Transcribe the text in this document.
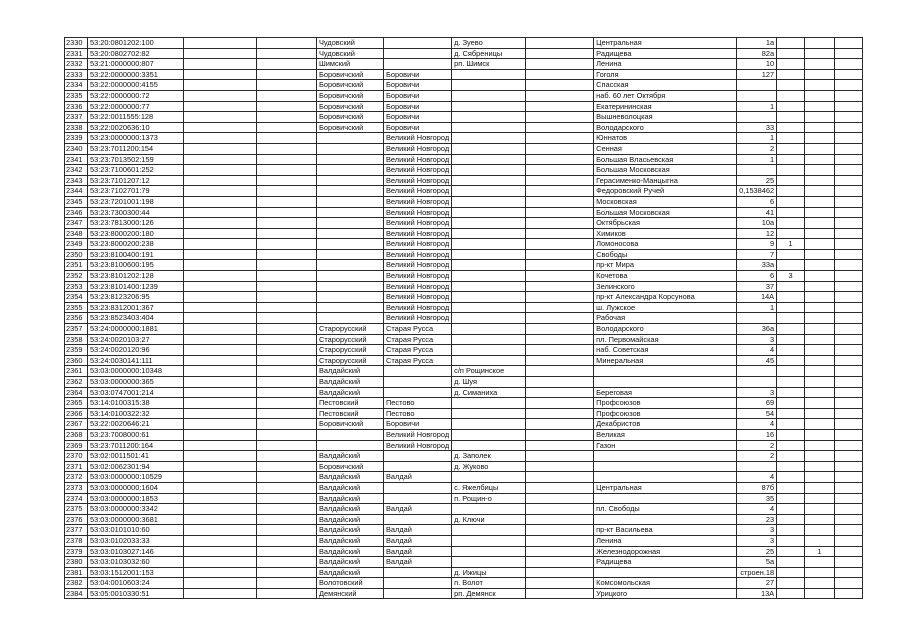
2330	53:20:0801202:100			Чудовский		д. Зуево		Центральная	1а			
2331	53:20:0802702:82			Чудовский		д. Сябреницы		Радищева	82а			
2332	53:21:0000000:807			Шимский		рп. Шимск		Ленина	10			
2333	53:22:0000000:3351			Боровичский	Боровичи			Гоголя	127			
2334	53:22:0000000:4155			Боровичский	Боровичи			Спасская				
2335	53:22:0000000:72			Боровичский	Боровичи			наб. 60 лет Октября				
2336	53:22:0000000:77			Боровичский	Боровичи			Екатерининская	1			
2337	53:22:0011555:128			Боровичский	Боровичи			Вышневолоцкая				
2338	53:22:0020636:10			Боровичский	Боровичи			Володарского	33			
2339	53:23:0000000:1373				Великий Новгород			Юннатов	1			
2340	53:23:7011200:154				Великий Новгород			Сенная	2			
2341	53:23:7013502:159				Великий Новгород			Большая Власьевская	1			
2342	53:23:7100601:252				Великий Новгород			Большая Московская				
2343	53:23:7101207:12				Великий Новгород			Герасименко-Манцыгна	25			
2344	53:23:7102701:79				Великий Новгород			Федоровский Ручей	0,1538462			
2345	53:23:7201001:198				Великий Новгород			Московская	6			
2346	53:23:7300300:44				Великий Новгород			Большая Московская	41			
2347	53:23:7813000:126				Великий Новгород			Октябрьская	10а			
2348	53:23:8000200:180				Великий Новгород			Химиков	12			
2349	53:23:8000200:238				Великий Новгород			Ломоносова	9	1		
2350	53:23:8100400:191				Великий Новгород			Свободы	7			
2351	53:23:8100600:195				Великий Новгород			пр-кт Мира	33а			
2352	53:23:8101202:128				Великий Новгород			Кочетова	6	3		
2353	53:23:8101400:1239				Великий Новгород			Зелинского	37			
2354	53:23:8123206:95				Великий Новгород			пр-кт Александра Корсунова	14А			
2355	53:23:8312001:367				Великий Новгород			ш. Лужское	1			
2356	53:23:8523403:404				Великий Новгород			Рабочая				
2357	53:24:0000000:1881			Старорусский	Старая Русса			Володарского	36а			
2358	53:24:0020103:27			Старорусский	Старая Русса			пл. Первомайская	3			
2359	53:24:0020120:96			Старорусский	Старая Русса			наб. Советская	4			
2360	53:24:0030141:111			Старорусский	Старая Русса			Минеральная	45			
2361	53:03:0000000:10348			Валдайский		с/п Рощинское						
2362	53:03:0000000:365			Валдайский		д. Шуя						
2364	53:03:0747001:214			Валдайский		д. Симаниха		Береговая	3			
2365	53:14:0100315:38			Пестовский	Пестово			Профсоюзов	69			
2366	53:14:0100322:32			Пестовский	Пестово			Профсоюзов	54			
2367	53:22:0020646:21			Боровичский	Боровичи			Декабристов	4			
2368	53:23:7008000:61				Великий Новгород			Великая	16			
2369	53:23:7011200:164				Великий Новгород			Газон	2			
2370	53:02:0011501:41			Валдайский		д. Заполек			2			
2371	53:02:0062301:94			Боровичский		д. Жуково						
2372	53:03:0000000:10529			Валдайский	Валдай				4			
2373	53:03:0000000:1604			Валдайский		с. Яжелбицы		Центральная	87б			
2374	53:03:0000000:1853			Валдайский		п. Рощин-о			35			
2375	53:03:0000000:3342			Валдайский	Валдай			пл. Свободы	4			
2376	53:03:0000000:3681			Валдайский		д. Ключи			23			
2377	53:03:0101010:60			Валдайский	Валдай			пр-кт Васильева	3			
2378	53:03:0102033:33			Валдайский	Валдай			Ленина	3			
2379	53:03:0103027:146			Валдайский	Валдай			Железнодорожная	25		1	
2380	53:03:0103032:60			Валдайский	Валдай			Радищева	5а			
2381	53:03:1512001:153			Валдайский		д. Ижицы			строен.18			
2382	53:04:0010603:24			Волотовский		п. Волот		Комсомольская	27			
2384	53:05:0010330:51			Демянский		рп. Демянск		Урицкого	13А			
